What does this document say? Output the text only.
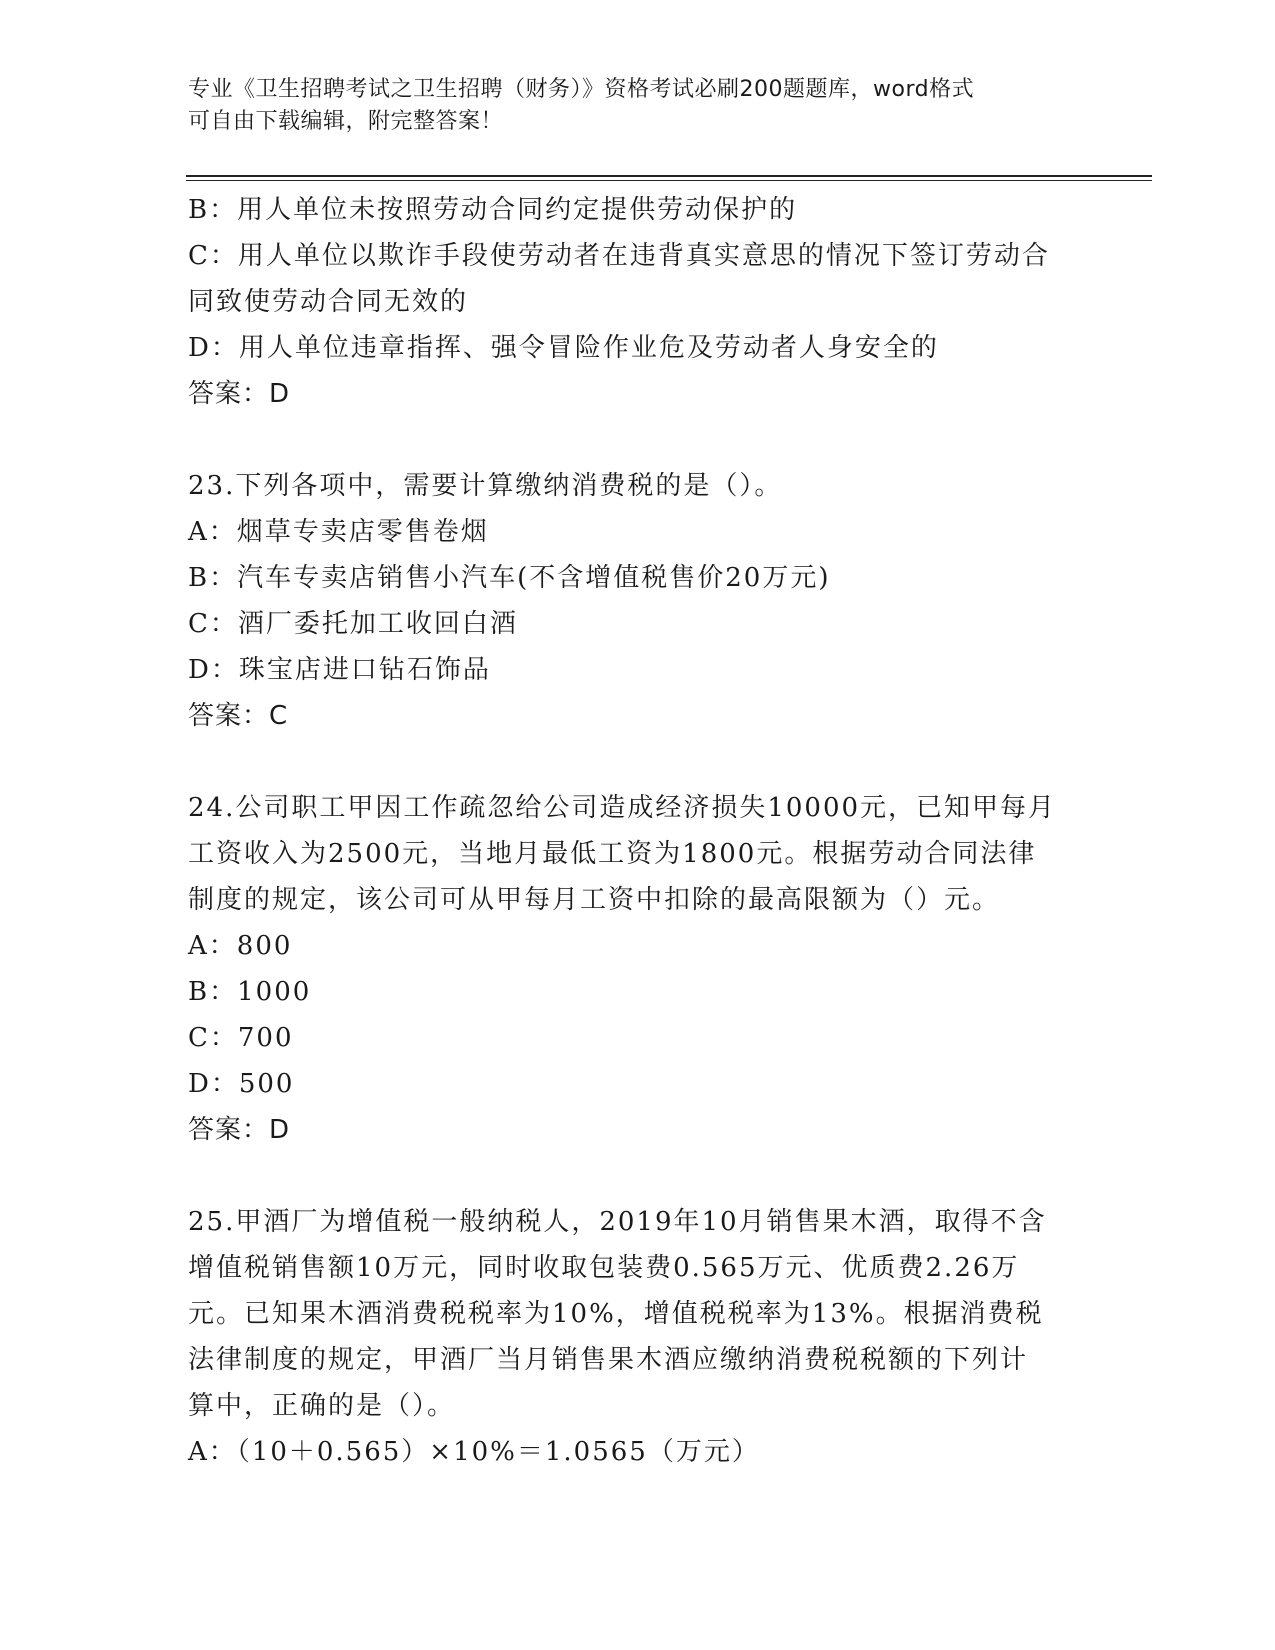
专业《卫生招聘考试之卫生招聘（财务）》资格考试必刷200题题库，word格式
可自由下载编辑，附完整答案！
B：用人单位未按照劳动合同约定提供劳动保护的
C：用人单位以欺诈手段使劳动者在违背真实意思的情况下签订劳动合
同致使劳动合同无效的
D：用人单位违章指挥、强令冒险作业危及劳动者人身安全的
答案：D
23.下列各项中，需要计算缴纳消费税的是（）。
A：烟草专卖店零售卷烟
B：汽车专卖店销售小汽车(不含增值税售价20万元)
C：酒厂委托加工收回白酒
D：珠宝店进口钻石饰品
答案：C
24.公司职工甲因工作疏忽给公司造成经济损失10000元，已知甲每月
工资收入为2500元，当地月最低工资为1800元。根据劳动合同法律
制度的规定，该公司可从甲每月工资中扣除的最高限额为（）元。
A：800
B：1000
C：700
D：500
答案：D
25.甲酒厂为增值税一般纳税人，2019年10月销售果木酒，取得不含
增值税销售额10万元，同时收取包装费0.565万元、优质费2.26万
元。已知果木酒消费税税率为10%，增值税税率为13%。根据消费税
法律制度的规定，甲酒厂当月销售果木酒应缴纳消费税税额的下列计
算中，正确的是（）。
A：（10＋0.565）×10%＝1.0565（万元）
